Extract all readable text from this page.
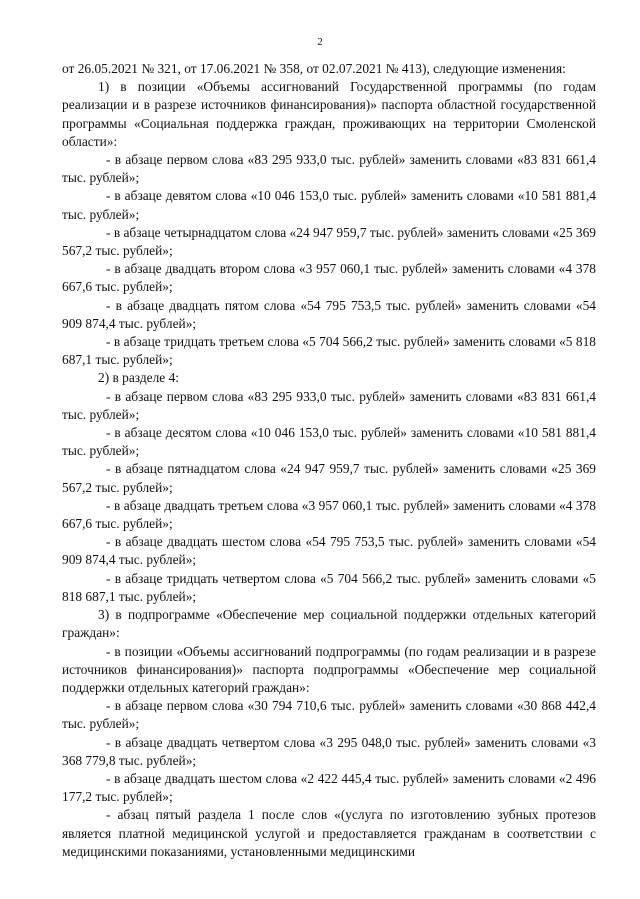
2

от 26.05.2021 № 321, от 17.06.2021 № 358, от 02.07.2021 № 413), следующие изменения:

1) в позиции «Объемы ассигнований Государственной программы (по годам реализации и в разрезе источников финансирования)» паспорта областной государственной программы «Социальная поддержка граждан, проживающих на территории Смоленской области»:

- в абзаце первом слова «83 295 933,0 тыс. рублей» заменить словами «83 831 661,4 тыс. рублей»;

- в абзаце девятом слова «10 046 153,0 тыс. рублей» заменить словами «10 581 881,4 тыс. рублей»;

- в абзаце четырнадцатом слова «24 947 959,7 тыс. рублей» заменить словами «25 369 567,2 тыс. рублей»;

- в абзаце двадцать втором слова «3 957 060,1 тыс. рублей» заменить словами «4 378 667,6 тыс. рублей»;

- в абзаце двадцать пятом слова «54 795 753,5 тыс. рублей» заменить словами «54 909 874,4 тыс. рублей»;

- в абзаце тридцать третьем слова «5 704 566,2 тыс. рублей» заменить словами «5 818 687,1 тыс. рублей»;

2) в разделе 4:

- в абзаце первом слова «83 295 933,0 тыс. рублей» заменить словами «83 831 661,4 тыс. рублей»;

- в абзаце десятом слова «10 046 153,0 тыс. рублей» заменить словами «10 581 881,4 тыс. рублей»;

- в абзаце пятнадцатом слова «24 947 959,7 тыс. рублей» заменить словами «25 369 567,2 тыс. рублей»;

- в абзаце двадцать третьем слова «3 957 060,1 тыс. рублей» заменить словами «4 378 667,6 тыс. рублей»;

- в абзаце двадцать шестом слова «54 795 753,5 тыс. рублей» заменить словами «54 909 874,4 тыс. рублей»;

- в абзаце тридцать четвертом слова «5 704 566,2 тыс. рублей» заменить словами «5 818 687,1 тыс. рублей»;

3) в подпрограмме «Обеспечение мер социальной поддержки отдельных категорий граждан»:

- в позиции «Объемы ассигнований подпрограммы (по годам реализации и в разрезе источников финансирования)» паспорта подпрограммы «Обеспечение мер социальной поддержки отдельных категорий граждан»:

- в абзаце первом слова «30 794 710,6 тыс. рублей» заменить словами «30 868 442,4 тыс. рублей»;

- в абзаце двадцать четвертом слова «3 295 048,0 тыс. рублей» заменить словами «3 368 779,8 тыс. рублей»;

- в абзаце двадцать шестом слова «2 422 445,4 тыс. рублей» заменить словами «2 496 177,2 тыс. рублей»;

- абзац пятый раздела 1 после слов «(услуга по изготовлению зубных протезов является платной медицинской услугой и предоставляется гражданам в соответствии с медицинскими показаниями, установленными медицинскими
